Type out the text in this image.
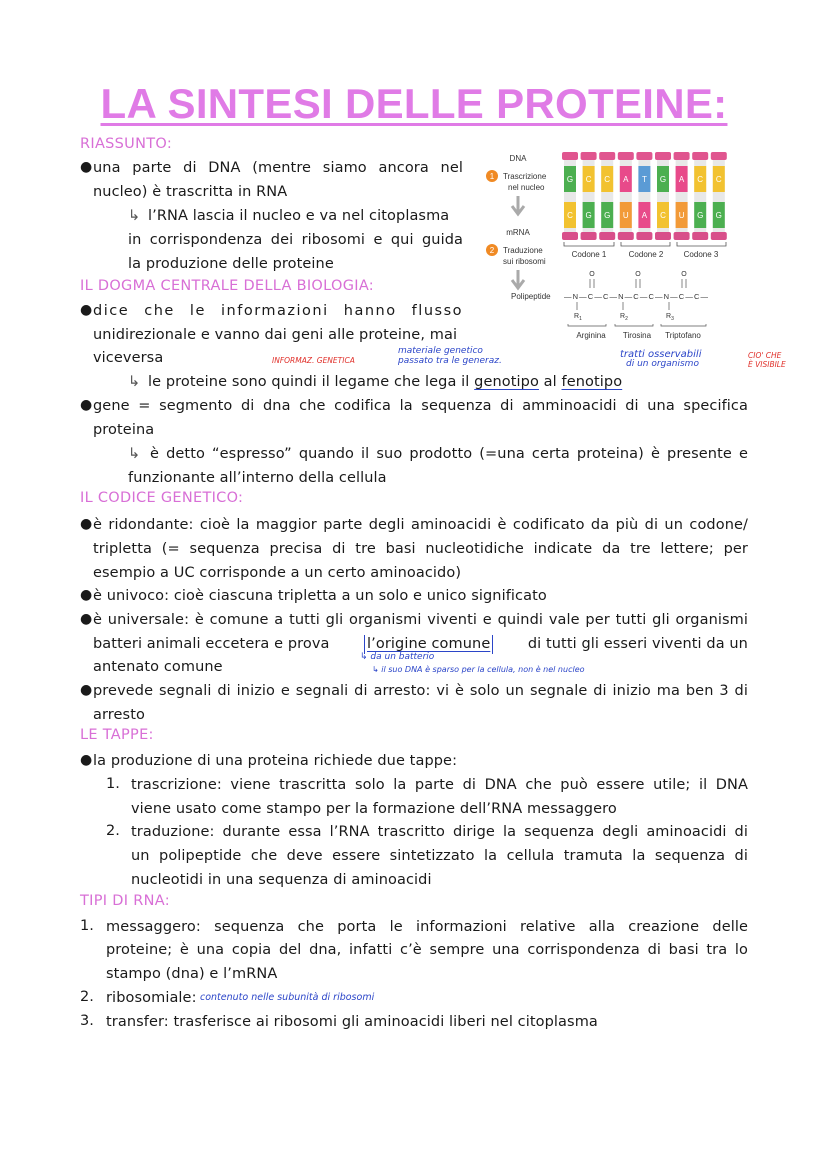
LA SINTESI DELLE PROTEINE:
RIASSUNTO:
● una parte di DNA (mentre siamo ancora nel
nucleo) è trascritta in RNA
↳ l’RNA lascia il nucleo e va nel citoplasma
in corrispondenza dei ribosomi e qui guida
la produzione delle proteine
IL DOGMA CENTRALE DELLA BIOLOGIA:
● dice che le informazioni hanno flusso
unidirezionale e vanno dai geni alle proteine, mai
viceversa	INFORMAZ. GENETICA
materiale genetico
passato tra le generaz.
tratti osservabili
di un organismo
CIO' CHE
È VISIBILE
↳ le proteine sono quindi il legame che lega il genotipo al fenotipo
● gene = segmento di dna che codifica la sequenza di amminoacidi di una specifica
proteina
↳ è detto “espresso” quando il suo prodotto (=una certa proteina) è presente e
funzionante all’interno della cellula
IL CODICE GENETICO:
● è ridondante: cioè la maggior parte degli aminoacidi è codificato da più di un codone/
tripletta (= sequenza precisa di tre basi nucleotidiche indicate da tre lettere; per
esempio a UC corrisponde a un certo aminoacido)
● è univoco: cioè ciascuna tripletta a un solo e unico significato
● è universale: è comune a tutti gli organismi viventi e quindi vale per tutti gli organismi
batteri animali eccetera e prova	l’origine comune	di tutti gli esseri viventi da un
↳ da un batterio
antenato comune	↳ il suo DNA è sparso per la cellula, non è nel nucleo
● prevede segnali di inizio e segnali di arresto: vi è solo un segnale di inizio ma ben 3 di
arresto
LE TAPPE:
● la produzione di una proteina richiede due tappe:
1. trascrizione: viene trascritta solo la parte di DNA che può essere utile; il DNA
viene usato come stampo per la formazione dell’RNA messaggero
2. traduzione: durante essa l’RNA trascritto dirige la sequenza degli aminoacidi di
un polipeptide che deve essere sintetizzato la cellula tramuta la sequenza di
nucleotidi in una sequenza di aminoacidi
TIPI DI RNA:
1. messaggero: sequenza che porta le informazioni relative alla creazione delle
proteine; è una copia del dna, infatti c’è sempre una corrispondenza di basi tra lo
stampo (dna) e l’mRNA
2. ribosomiale: contenuto nelle subunità di ribosomi
3. transfer: trasferisce ai ribosomi gli aminoacidi liberi nel citoplasma
DNA
1 Trascrizione
nel nucleo
mRNA
2 Traduzione
sui ribosomi
G
C
C
G
C
G
A
U
T
A
G
C
A
U
C
G
C
G
Codone 1	Codone 2	Codone 3
O	O	O
Polipeptide —N—C—C—N—C—C—N—C—C—
$R_1$	$R_2$	$R_3$
Arginina Tirosina Triptofano
